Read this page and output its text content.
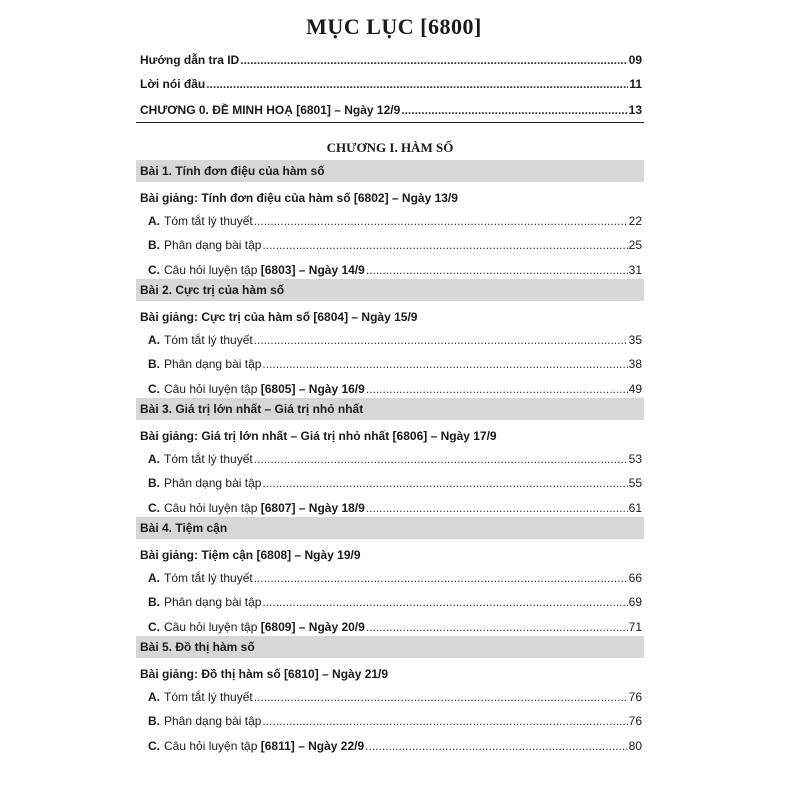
MỤC LỤC [6800]
Hướng dẫn tra ID .....	09
Lời nói đầu .....	11
CHƯƠNG 0. ĐỀ MINH HOẠ [6801] – Ngày 12/9 .....	13
CHƯƠNG I. HÀM SỐ
Bài 1. Tính đơn điệu của hàm số
Bài giảng: Tính đơn điệu của hàm số [6802] – Ngày 13/9
A. Tóm tắt lý thuyết .....	22
B. Phân dạng bài tập .....	25
C. Câu hỏi luyện tập [6803] – Ngày 14/9 .....	31
Bài 2. Cực trị của hàm số
Bài giảng: Cực trị của hàm số [6804] – Ngày 15/9
A. Tóm tắt lý thuyết .....	35
B. Phân dạng bài tập .....	38
C. Câu hỏi luyện tập [6805] – Ngày 16/9 .....	49
Bài 3. Giá trị lớn nhất – Giá trị nhỏ nhất
Bài giảng: Giá trị lớn nhất – Giá trị nhỏ nhất [6806] – Ngày 17/9
A. Tóm tắt lý thuyết .....	53
B. Phân dạng bài tập .....	55
C. Câu hỏi luyện tập [6807] – Ngày 18/9 .....	61
Bài 4. Tiệm cận
Bài giảng: Tiệm cận [6808] – Ngày 19/9
A. Tóm tắt lý thuyết .....	66
B. Phân dạng bài tập .....	69
C. Câu hỏi luyện tập [6809] – Ngày 20/9 .....	71
Bài 5. Đồ thị hàm số
Bài giảng: Đồ thị hàm số [6810] – Ngày 21/9
A. Tóm tắt lý thuyết .....	76
B. Phân dạng bài tập .....	76
C. Câu hỏi luyện tập [6811] – Ngày 22/9 .....	80
